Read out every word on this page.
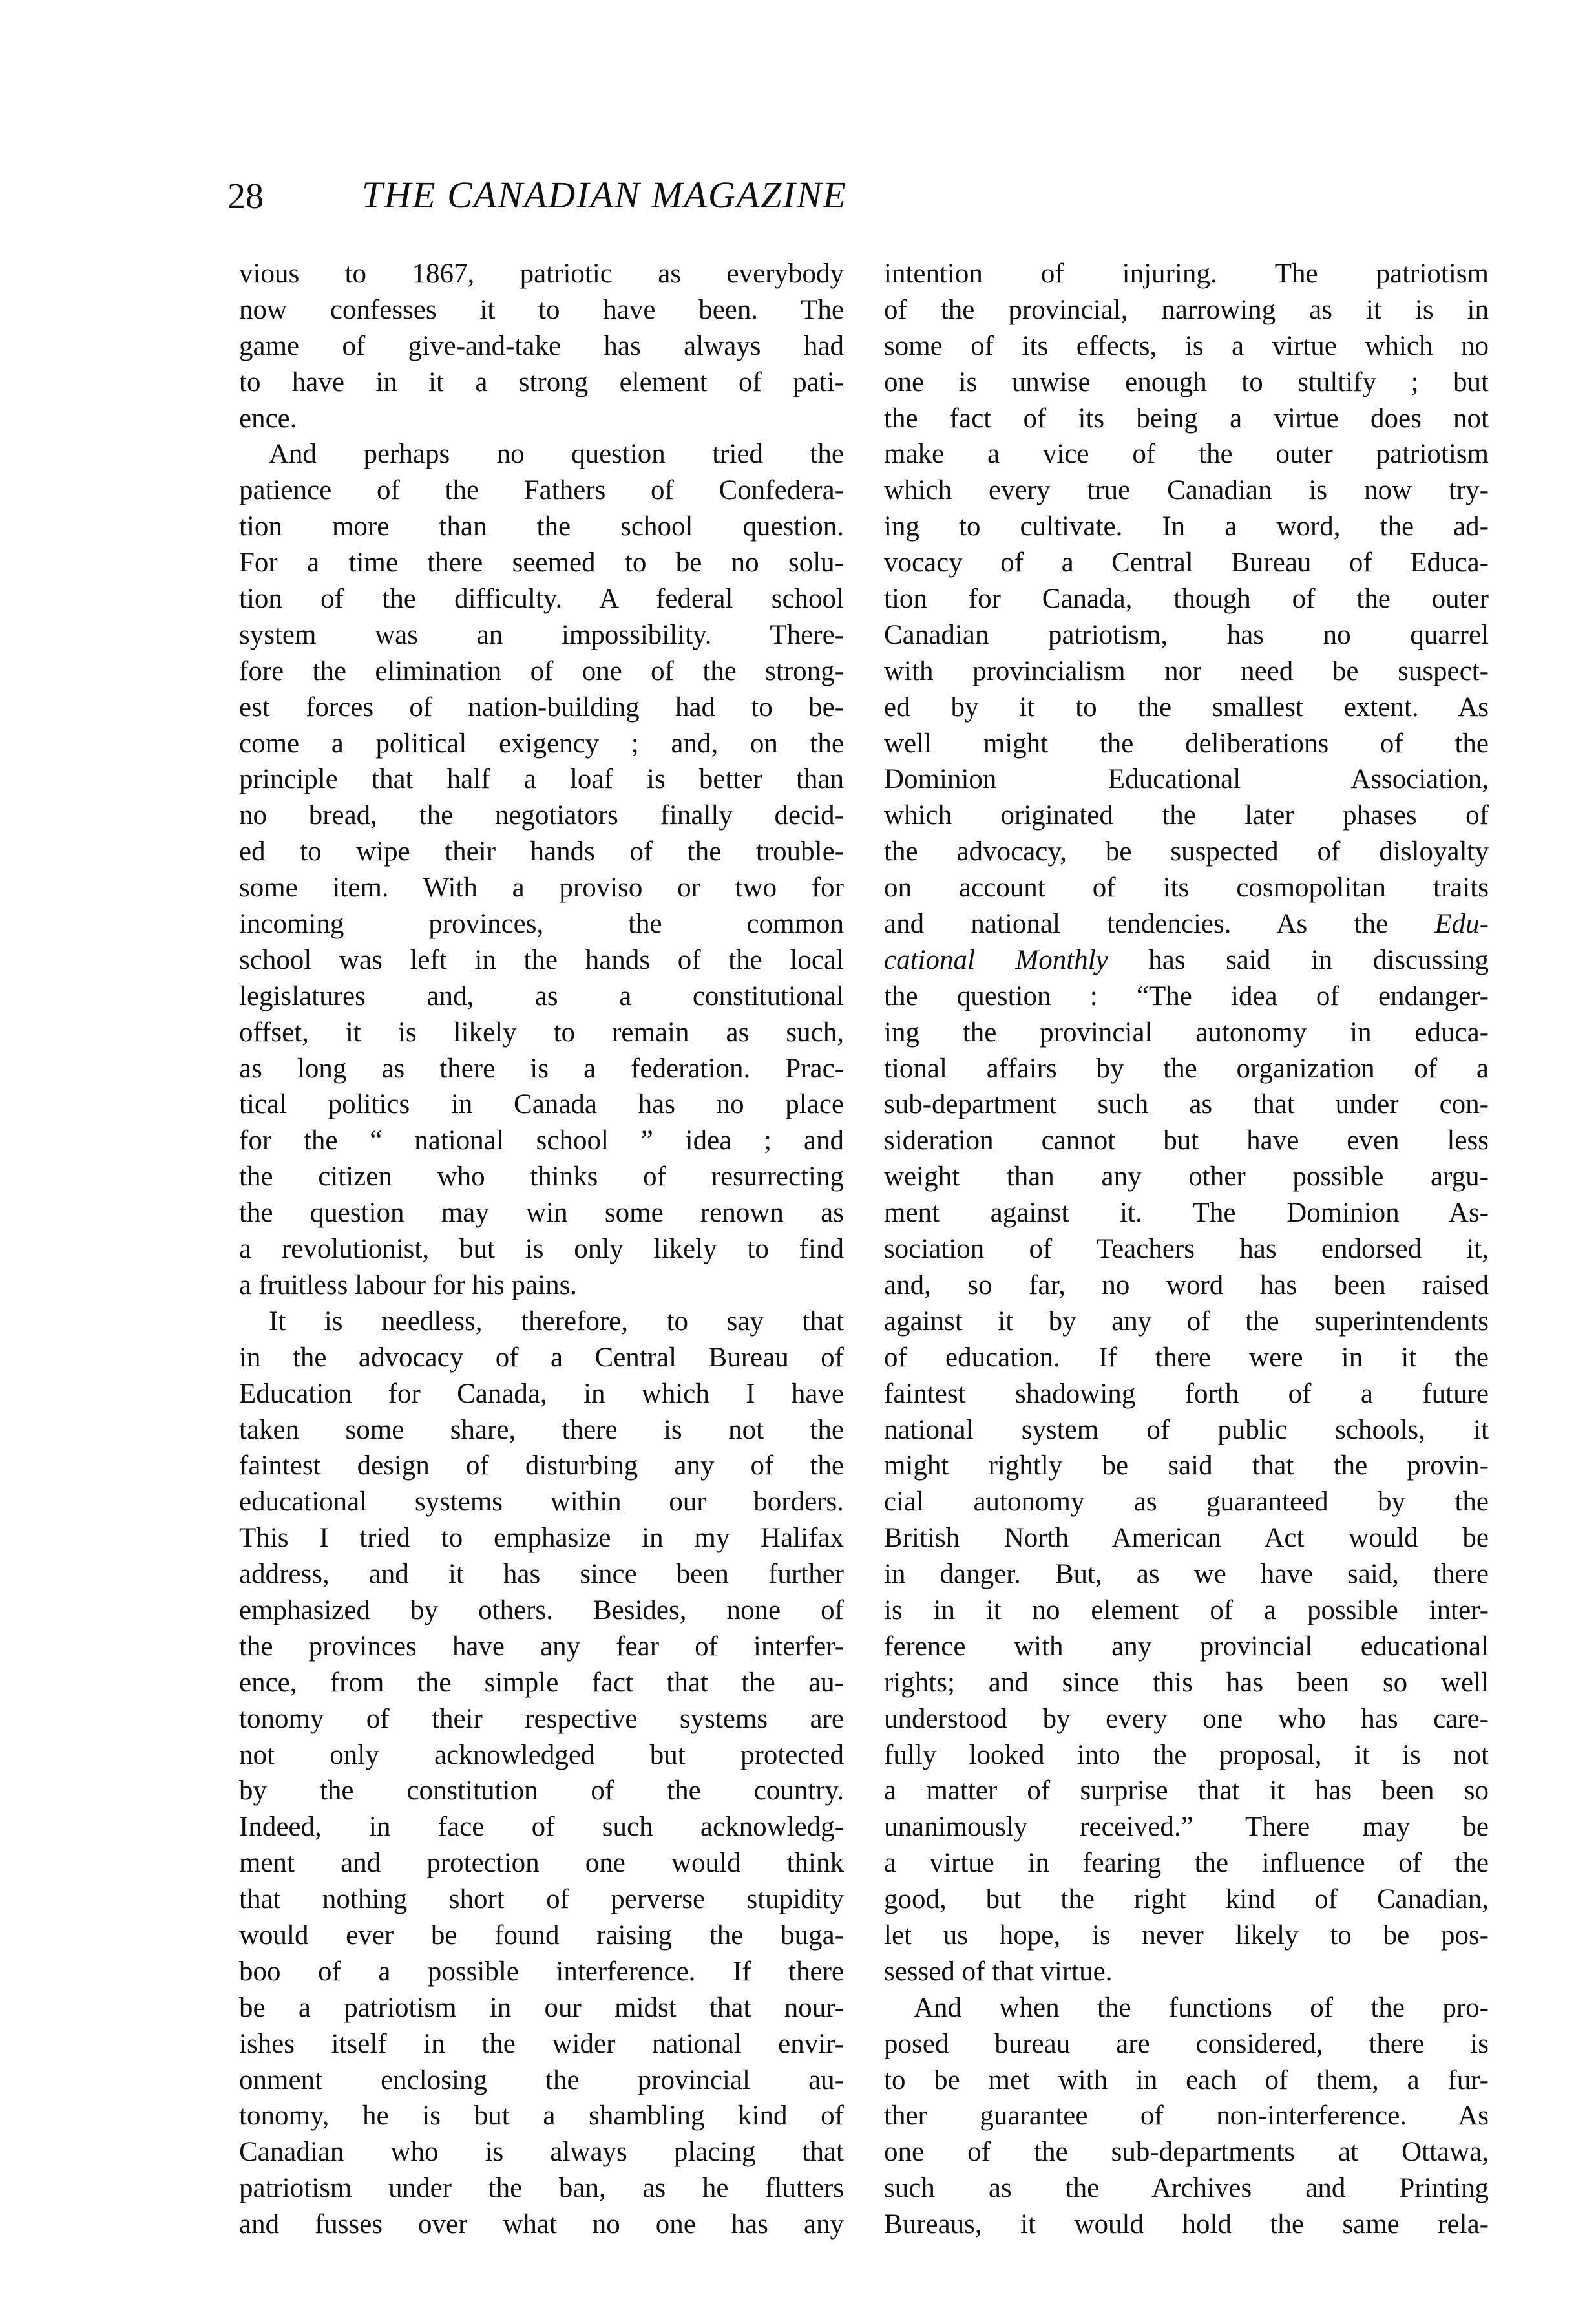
28	THE CANADIAN MAGAZINE
vious to 1867, patriotic as everybody
now confesses it to have been. The
game of give-and-take has always had
to have in it a strong element of pati-
ence.
And perhaps no question tried the
patience of the Fathers of Confedera-
tion more than the school question.
For a time there seemed to be no solu-
tion of the difficulty. A federal school
system was an impossibility. There-
fore the elimination of one of the strong-
est forces of nation-building had to be-
come a political exigency ; and, on the
principle that half a loaf is better than
no bread, the negotiators finally decid-
ed to wipe their hands of the trouble-
some item. With a proviso or two for
incoming provinces, the common
school was left in the hands of the local
legislatures and, as a constitutional
offset, it is likely to remain as such,
as long as there is a federation. Prac-
tical politics in Canada has no place
for the “ national school ” idea ; and
the citizen who thinks of resurrecting
the question may win some renown as
a revolutionist, but is only likely to find
a fruitless labour for his pains.
It is needless, therefore, to say that
in the advocacy of a Central Bureau of
Education for Canada, in which I have
taken some share, there is not the
faintest design of disturbing any of the
educational systems within our borders.
This I tried to emphasize in my Halifax
address, and it has since been further
emphasized by others. Besides, none of
the provinces have any fear of interfer-
ence, from the simple fact that the au-
tonomy of their respective systems are
not only acknowledged but protected
by the constitution of the country.
Indeed, in face of such acknowledg-
ment and protection one would think
that nothing short of perverse stupidity
would ever be found raising the buga-
boo of a possible interference. If there
be a patriotism in our midst that nour-
ishes itself in the wider national envir-
onment enclosing the provincial au-
tonomy, he is but a shambling kind of
Canadian who is always placing that
patriotism under the ban, as he flutters
and fusses over what no one has any
intention of injuring. The patriotism
of the provincial, narrowing as it is in
some of its effects, is a virtue which no
one is unwise enough to stultify ; but
the fact of its being a virtue does not
make a vice of the outer patriotism
which every true Canadian is now try-
ing to cultivate. In a word, the ad-
vocacy of a Central Bureau of Educa-
tion for Canada, though of the outer
Canadian patriotism, has no quarrel
with provincialism nor need be suspect-
ed by it to the smallest extent. As
well might the deliberations of the
Dominion Educational Association,
which originated the later phases of
the advocacy, be suspected of disloyalty
on account of its cosmopolitan traits
and national tendencies. As the Edu-
cational Monthly has said in discussing
the question : “The idea of endanger-
ing the provincial autonomy in educa-
tional affairs by the organization of a
sub-department such as that under con-
sideration cannot but have even less
weight than any other possible argu-
ment against it. The Dominion As-
sociation of Teachers has endorsed it,
and, so far, no word has been raised
against it by any of the superintendents
of education. If there were in it the
faintest shadowing forth of a future
national system of public schools, it
might rightly be said that the provin-
cial autonomy as guaranteed by the
British North American Act would be
in danger. But, as we have said, there
is in it no element of a possible inter-
ference with any provincial educational
rights; and since this has been so well
understood by every one who has care-
fully looked into the proposal, it is not
a matter of surprise that it has been so
unanimously received.” There may be
a virtue in fearing the influence of the
good, but the right kind of Canadian,
let us hope, is never likely to be pos-
sessed of that virtue.
And when the functions of the pro-
posed bureau are considered, there is
to be met with in each of them, a fur-
ther guarantee of non-interference. As
one of the sub-departments at Ottawa,
such as the Archives and Printing
Bureaus, it would hold the same rela-
